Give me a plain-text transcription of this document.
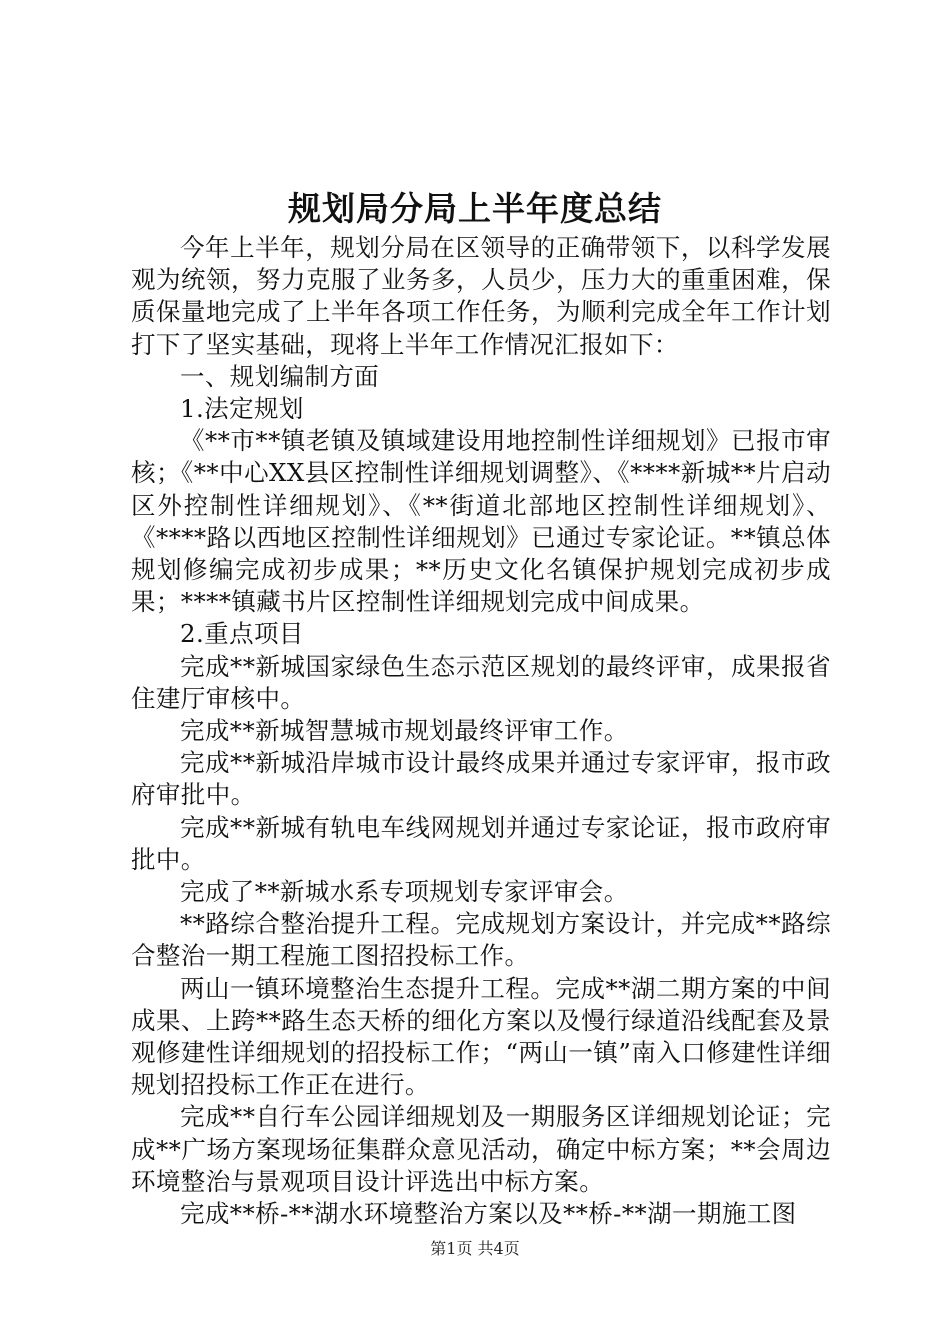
规划局分局上半年度总结

今年上半年，规划分局在区领导的正确带领下，以科学发展观为统领，努力克服了业务多，人员少，压力大的重重困难，保质保量地完成了上半年各项工作任务，为顺利完成全年工作计划打下了坚实基础，现将上半年工作情况汇报如下：

一、规划编制方面

1.法定规划

《**市**镇老镇及镇域建设用地控制性详细规划》已报市审核；《**中心XX县区控制性详细规划调整》、《****新城**片启动区外控制性详细规划》、《**街道北部地区控制性详细规划》、《****路以西地区控制性详细规划》已通过专家论证。**镇总体规划修编完成初步成果；**历史文化名镇保护规划完成初步成果；****镇藏书片区控制性详细规划完成中间成果。

2.重点项目

完成**新城国家绿色生态示范区规划的最终评审，成果报省住建厅审核中。

完成**新城智慧城市规划最终评审工作。

完成**新城沿岸城市设计最终成果并通过专家评审，报市政府审批中。

完成**新城有轨电车线网规划并通过专家论证，报市政府审批中。

完成了**新城水系专项规划专家评审会。

**路综合整治提升工程。完成规划方案设计，并完成**路综合整治一期工程施工图招投标工作。

两山一镇环境整治生态提升工程。完成**湖二期方案的中间成果、上跨**路生态天桥的细化方案以及慢行绿道沿线配套及景观修建性详细规划的招投标工作；“两山一镇”南入口修建性详细规划招投标工作正在进行。

完成**自行车公园详细规划及一期服务区详细规划论证；完成**广场方案现场征集群众意见活动，确定中标方案；**会周边环境整治与景观项目设计评选出中标方案。

完成**桥-**湖水环境整治方案以及**桥-**湖一期施工图

第1页 共4页
